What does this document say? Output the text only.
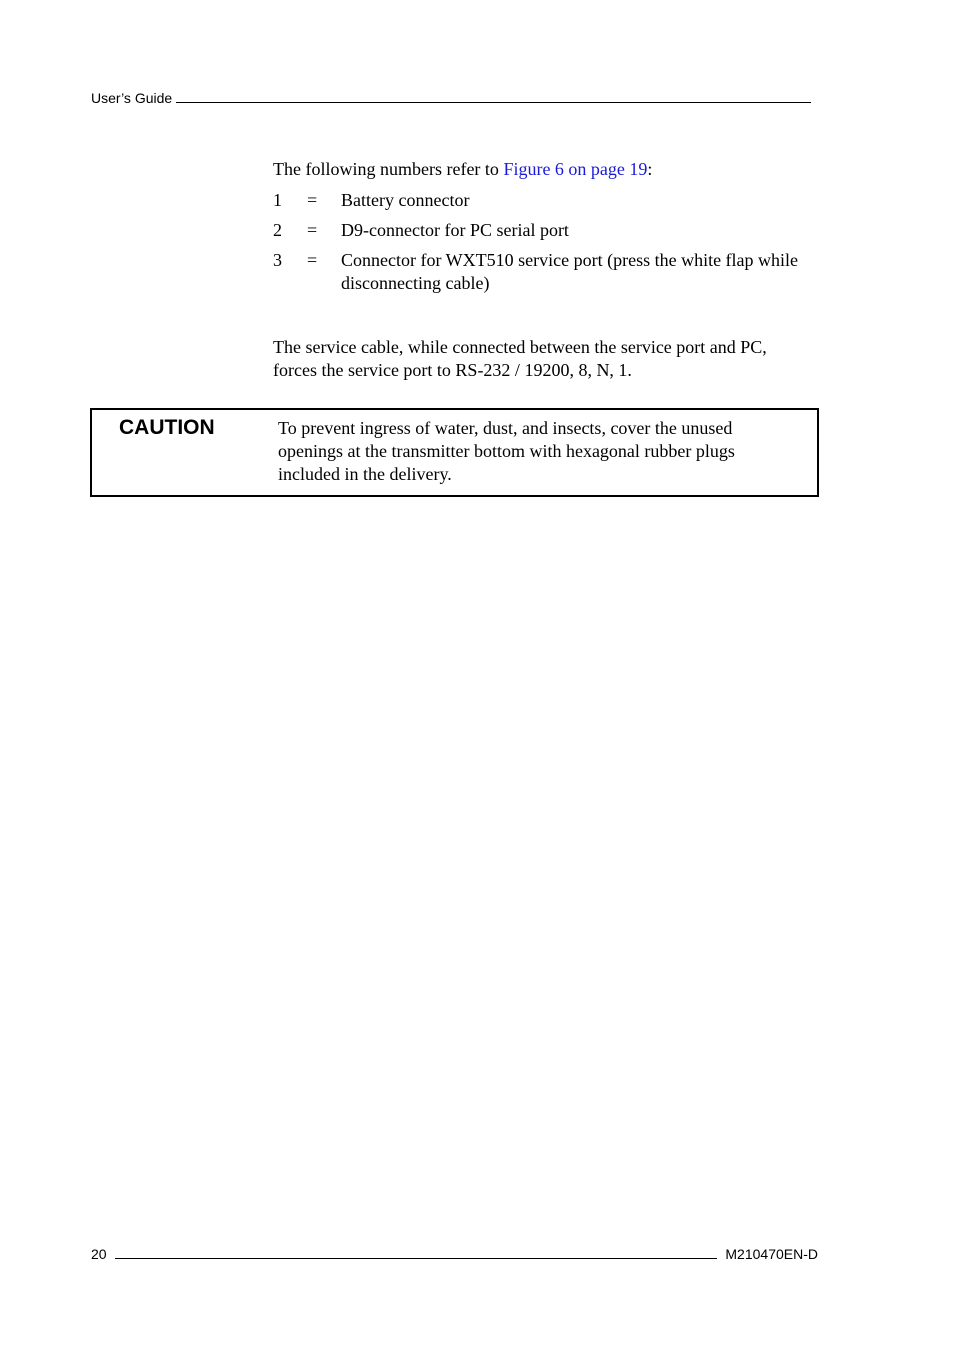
User’s Guide
The following numbers refer to Figure 6 on page 19:
1	=	Battery connector
2	=	D9-connector for PC serial port
3	=	Connector for WXT510 service port (press the white flap while disconnecting cable)
The service cable, while connected between the service port and PC, forces the service port to RS-232 / 19200, 8, N, 1.
CAUTION	To prevent ingress of water, dust, and insects, cover the unused openings at the transmitter bottom with hexagonal rubber plugs included in the delivery.
20	M210470EN-D
